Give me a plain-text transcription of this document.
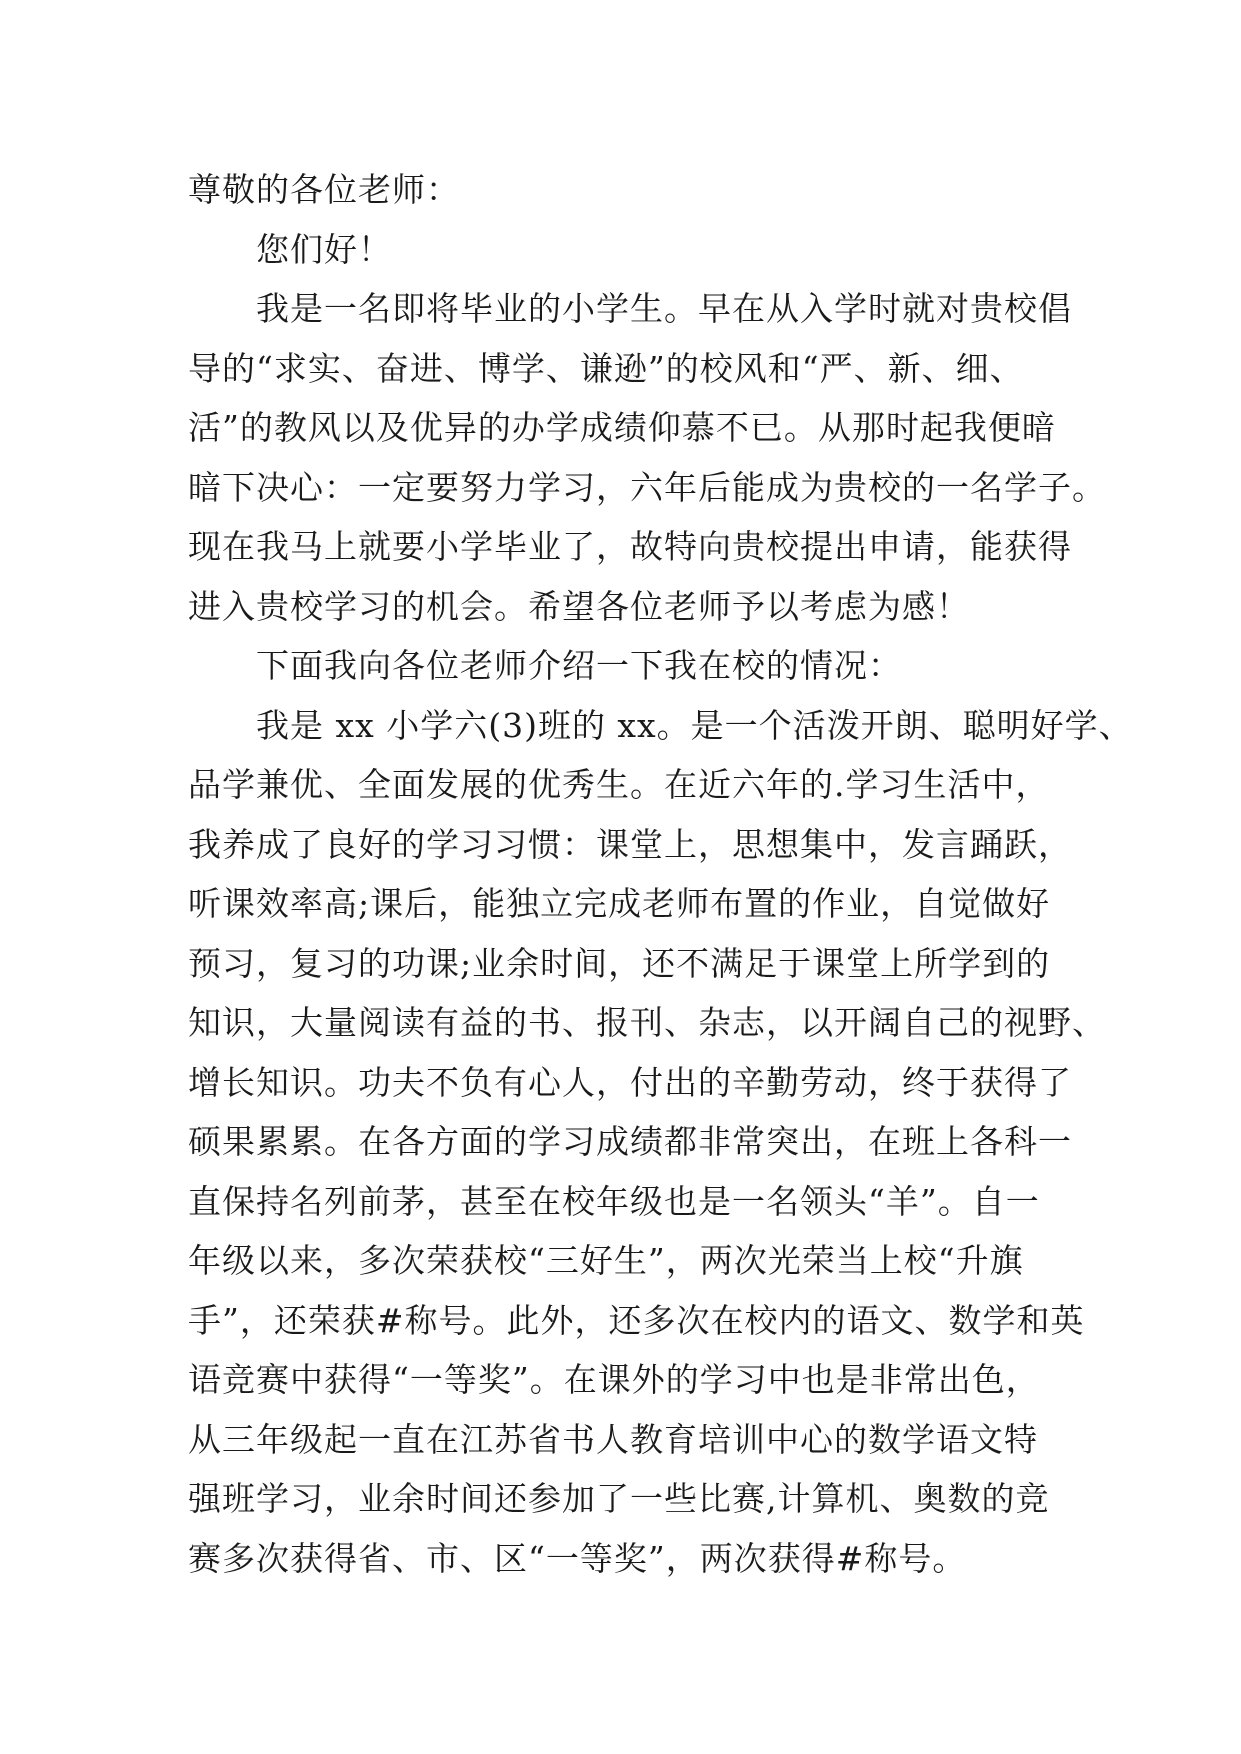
尊敬的各位老师：
您们好！
我是一名即将毕业的小学生。早在从入学时就对贵校倡
导的“求实、奋进、博学、谦逊”的校风和“严、新、细、
活”的教风以及优异的办学成绩仰慕不已。从那时起我便暗
暗下决心：一定要努力学习，六年后能成为贵校的一名学子。
现在我马上就要小学毕业了，故特向贵校提出申请，能获得
进入贵校学习的机会。希望各位老师予以考虑为感！
下面我向各位老师介绍一下我在校的情况：
我是 xx 小学六(3)班的 xx。是一个活泼开朗、聪明好学、
品学兼优、全面发展的优秀生。在近六年的.学习生活中，
我养成了良好的学习习惯：课堂上，思想集中，发言踊跃，
听课效率高;课后，能独立完成老师布置的作业，自觉做好
预习，复习的功课;业余时间，还不满足于课堂上所学到的
知识，大量阅读有益的书、报刊、杂志，以开阔自己的视野、
增长知识。功夫不负有心人，付出的辛勤劳动，终于获得了
硕果累累。在各方面的学习成绩都非常突出，在班上各科一
直保持名列前茅，甚至在校年级也是一名领头“羊”。自一
年级以来，多次荣获校“三好生”，两次光荣当上校“升旗
手”，还荣获#称号。此外，还多次在校内的语文、数学和英
语竞赛中获得“一等奖”。在课外的学习中也是非常出色，
从三年级起一直在江苏省书人教育培训中心的数学语文特
强班学习，业余时间还参加了一些比赛,计算机、奥数的竞
赛多次获得省、市、区“一等奖”，两次获得#称号。
